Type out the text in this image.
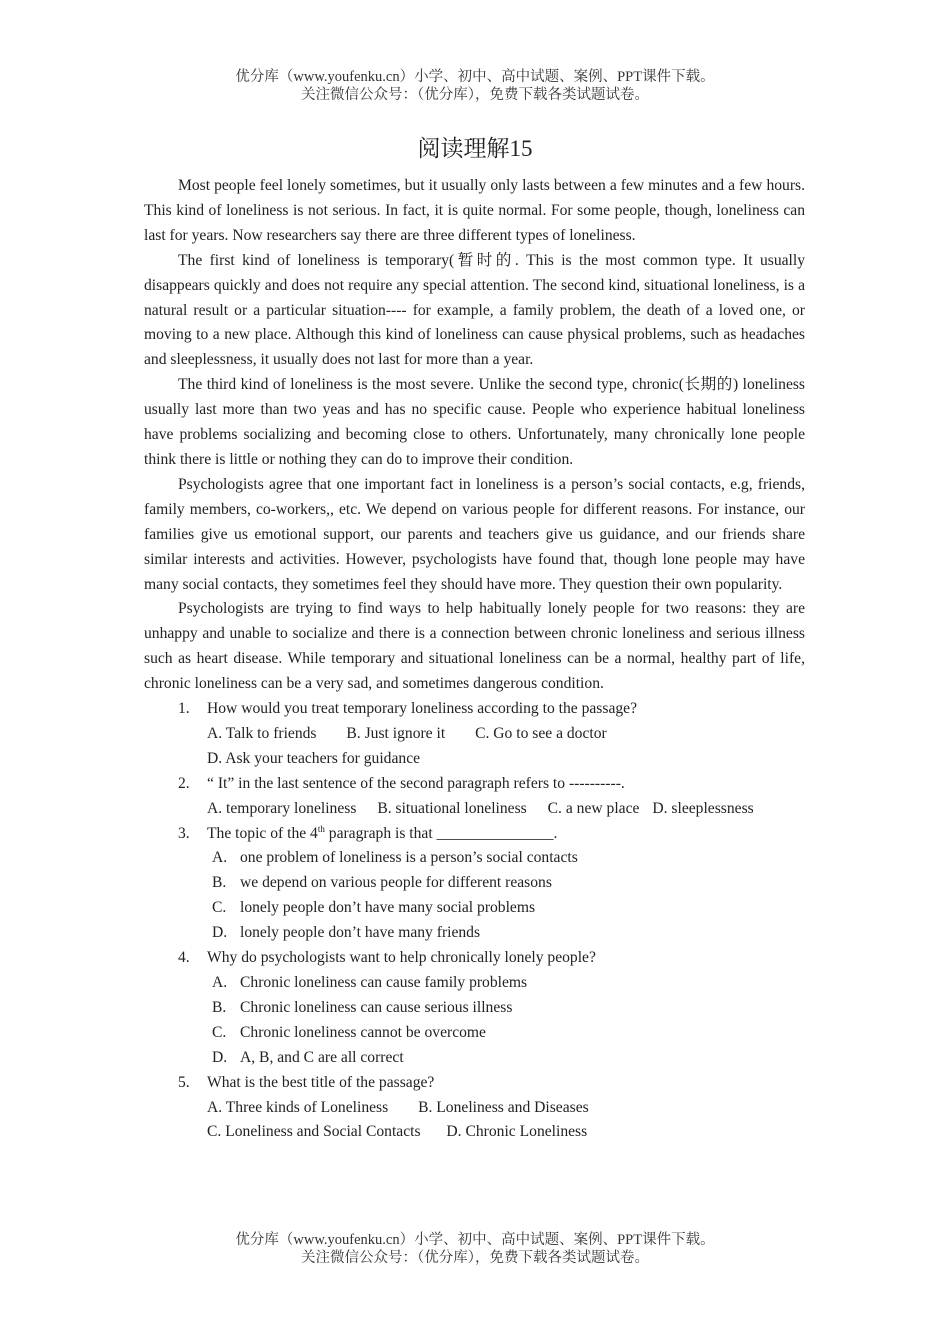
优分库（www.youfenku.cn）小学、初中、高中试题、案例、PPT课件下载。
关注微信公众号：（优分库），免费下载各类试题试卷。
阅读理解15

Most people feel lonely sometimes, but it usually only lasts between a few minutes and a few hours. This kind of loneliness is not serious. In fact, it is quite normal. For some people, though, loneliness can last for years. Now researchers say there are three different types of loneliness.

The first kind of loneliness is temporary(暂时的. This is the most common type. It usually disappears quickly and does not require any special attention. The second kind, situational loneliness, is a natural result or a particular situation---- for example, a family problem, the death of a loved one, or moving to a new place. Although this kind of loneliness can cause physical problems, such as headaches and sleeplessness, it usually does not last for more than a year.

The third kind of loneliness is the most severe. Unlike the second type, chronic(长期的) loneliness usually last more than two yeas and has no specific cause. People who experience habitual loneliness have problems socializing and becoming close to others. Unfortunately, many chronically lone people think there is little or nothing they can do to improve their condition.

Psychologists agree that one important fact in loneliness is a person’s social contacts, e.g, friends, family members, co-workers,, etc. We depend on various people for different reasons. For instance, our families give us emotional support, our parents and teachers give us guidance, and our friends share similar interests and activities. However, psychologists have found that, though lone people may have many social contacts, they sometimes feel they should have more. They question their own popularity.

Psychologists are trying to find ways to help habitually lonely people for two reasons: they are unhappy and unable to socialize and there is a connection between chronic loneliness and serious illness such as heart disease. While temporary and situational loneliness can be a normal, healthy part of life, chronic loneliness can be a very sad, and sometimes dangerous condition.

1. How would you treat temporary loneliness according to the passage?
A. Talk to friends B. Just ignore it C. Go to see a doctor
D. Ask your teachers for guidance
2. “ It” in the last sentence of the second paragraph refers to ----------.
A. temporary loneliness B. situational loneliness C. a new place D. sleeplessness
3. The topic of the 4th paragraph is that _______________.
A. one problem of loneliness is a person’s social contacts
B. we depend on various people for different reasons
C. lonely people don’t have many social problems
D. lonely people don’t have many friends
4. Why do psychologists want to help chronically lonely people?
A. Chronic loneliness can cause family problems
B. Chronic loneliness can cause serious illness
C. Chronic loneliness cannot be overcome
D. A, B, and C are all correct
5. What is the best title of the passage?
A. Three kinds of Loneliness B. Loneliness and Diseases
C. Loneliness and Social Contacts D. Chronic Loneliness
优分库（www.youfenku.cn）小学、初中、高中试题、案例、PPT课件下载。
关注微信公众号：（优分库），免费下载各类试题试卷。
